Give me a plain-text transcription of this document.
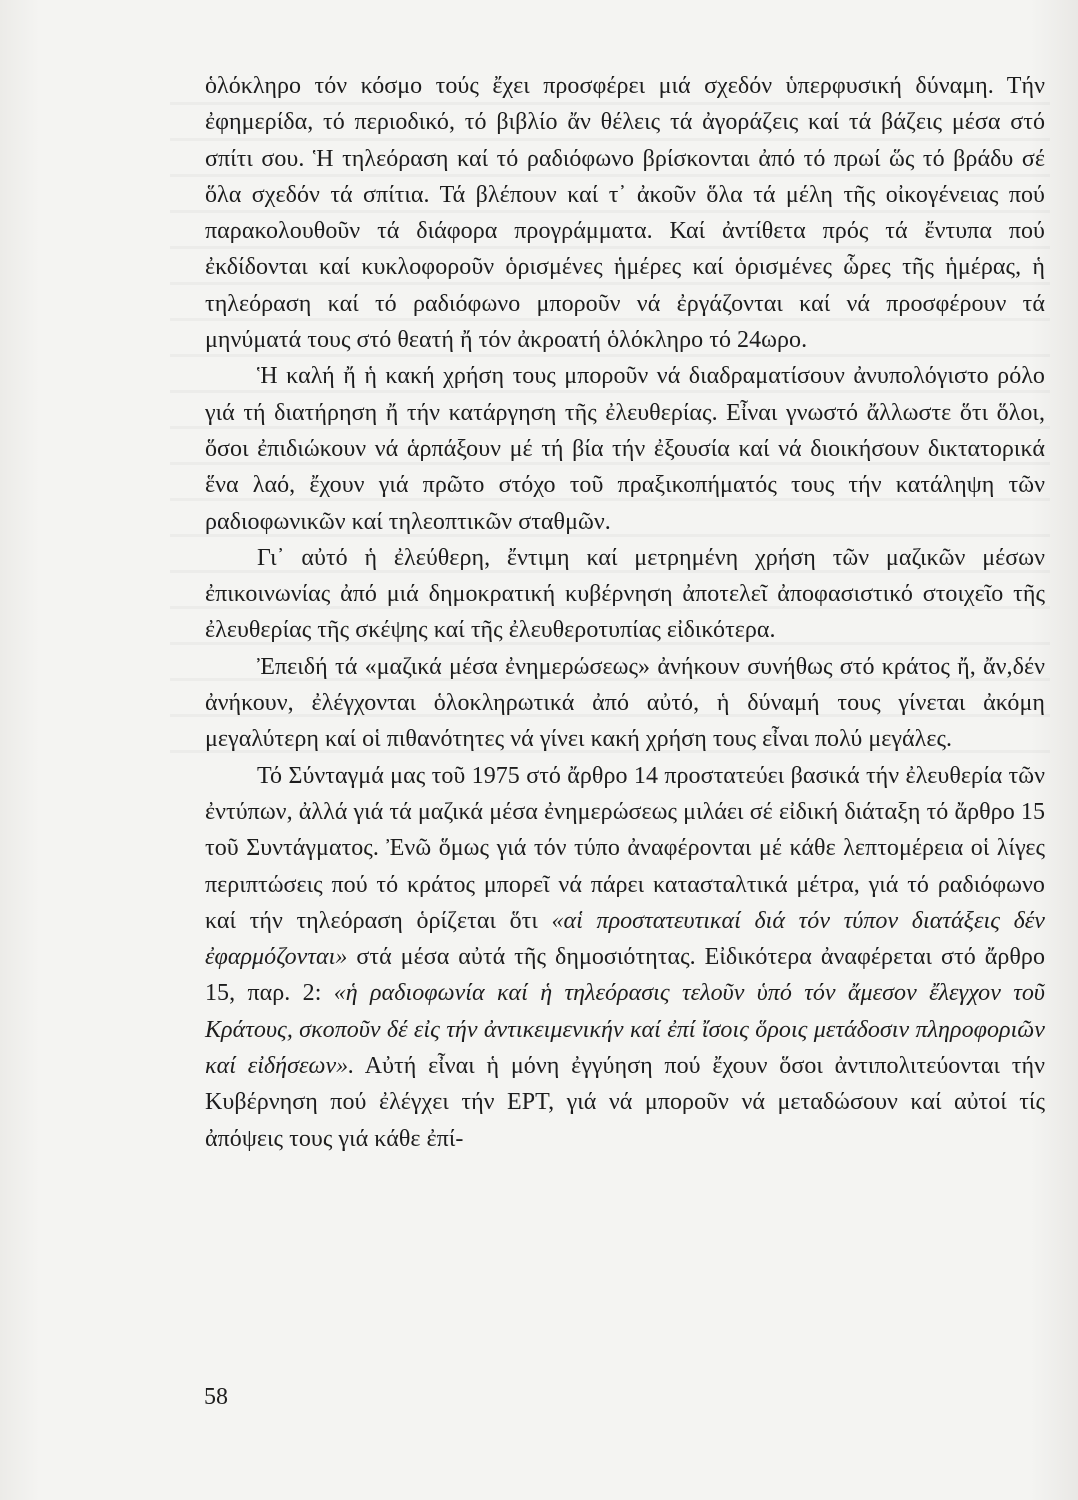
ὁλόκληρο τόν κόσμο τούς ἔχει προσφέρει μιά σχεδόν ὑπερφυσική δύναμη. Τήν ἐφημερίδα, τό περιοδικό, τό βιβλίο ἄν θέλεις τά ἀγοράζεις καί τά βάζεις μέσα στό σπίτι σου. Ἡ τηλεόραση καί τό ραδιόφωνο βρίσκονται ἀπό τό πρωί ὥς τό βράδυ σέ ὅλα σχεδόν τά σπίτια. Τά βλέπουν καί τ᾽ ἀκοῦν ὅλα τά μέλη τῆς οἰκογένειας πού παρακολουθοῦν τά διάφορα προγράμματα. Καί ἀντίθετα πρός τά ἔντυπα πού ἐκδίδονται καί κυκλοφοροῦν ὁρισμένες ἡμέρες καί ὁρισμένες ὧρες τῆς ἡμέρας, ἡ τηλεόραση καί τό ραδιόφωνο μποροῦν νά ἐργάζονται καί νά προσφέρουν τά μηνύματά τους στό θεατή ἤ τόν ἀκροατή ὁλόκληρο τό 24ωρο.

Ἡ καλή ἤ ἡ κακή χρήση τους μποροῦν νά διαδραματίσουν ἀνυπολόγιστο ρόλο γιά τή διατήρηση ἤ τήν κατάργηση τῆς ἐλευθερίας. Εἶναι γνωστό ἄλλωστε ὅτι ὅλοι, ὅσοι ἐπιδιώκουν νά ἁρπάξουν μέ τή βία τήν ἐξουσία καί νά διοικήσουν δικτατορικά ἕνα λαό, ἔχουν γιά πρῶτο στόχο τοῦ πραξικοπήματός τους τήν κατάληψη τῶν ραδιοφωνικῶν καί τηλεοπτικῶν σταθμῶν.

Γι᾽ αὐτό ἡ ἐλεύθερη, ἔντιμη καί μετρημένη χρήση τῶν μαζικῶν μέσων ἐπικοινωνίας ἀπό μιά δημοκρατική κυβέρνηση ἀποτελεῖ ἀποφασιστικό στοιχεῖο τῆς ἐλευθερίας τῆς σκέψης καί τῆς ἐλευθεροτυπίας εἰδικότερα.

Ἐπειδή τά «μαζικά μέσα ἐνημερώσεως» ἀνήκουν συνήθως στό κράτος ἤ, ἄν,δέν ἀνήκουν, ἐλέγχονται ὁλοκληρωτικά ἀπό αὐτό, ἡ δύναμή τους γίνεται ἀκόμη μεγαλύτερη καί οἱ πιθανότητες νά γίνει κακή χρήση τους εἶναι πολύ μεγάλες.

Τό Σύνταγμά μας τοῦ 1975 στό ἄρθρο 14 προστατεύει βασικά τήν ἐλευθερία τῶν ἐντύπων, ἀλλά γιά τά μαζικά μέσα ἐνημερώσεως μιλάει σέ εἰδική διάταξη τό ἄρθρο 15 τοῦ Συντάγματος. Ἐνῶ ὅμως γιά τόν τύπο ἀναφέρονται μέ κάθε λεπτομέρεια οἱ λίγες περιπτώσεις πού τό κράτος μπορεῖ νά πάρει κατασταλτικά μέτρα, γιά τό ραδιόφωνο καί τήν τηλεόραση ὁρίζεται ὅτι «αἱ προστατευτικαί διά τόν τύπον διατάξεις δέν ἐφαρμόζονται» στά μέσα αὐτά τῆς δημοσιότητας. Εἰδικότερα ἀναφέρεται στό ἄρθρο 15, παρ. 2: «ἡ ραδιοφωνία καί ἡ τηλεόρασις τελοῦν ὑπό τόν ἄμεσον ἔλεγχον τοῦ Κράτους, σκοποῦν δέ εἰς τήν ἀντικειμενικήν καί ἐπί ἴσοις ὅροις μετάδοσιν πληροφοριῶν καί εἰδήσεων». Αὐτή εἶναι ἡ μόνη ἐγγύηση πού ἔχουν ὅσοι ἀντιπολιτεύονται τήν Κυβέρνηση πού ἐλέγχει τήν ΕΡΤ, γιά νά μποροῦν νά μεταδώσουν καί αὐτοί τίς ἀπόψεις τους γιά κάθε ἐπί-

58
